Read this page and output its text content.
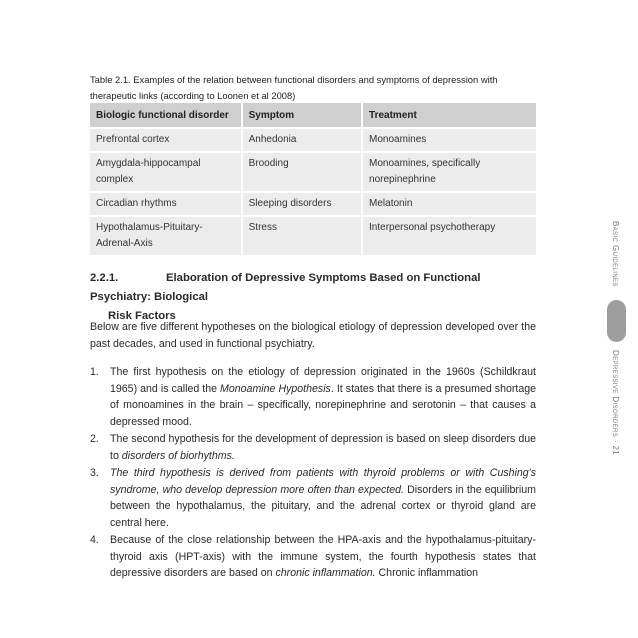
Table 2.1. Examples of the relation between functional disorders and symptoms of depression with therapeutic links (according to Loonen et al 2008)
Biologic functional disorder	Symptom	Treatment
Prefrontal cortex	Anhedonia	Monoamines
Amygdala-hippocampal complex	Brooding	Monoamines, specifically norepinephrine
Circadian rhythms	Sleeping disorders	Melatonin
Hypothalamus-Pituitary-Adrenal-Axis	Stress	Interpersonal psychotherapy
2.2.1.	Elaboration of Depressive Symptoms Based on Functional Psychiatry: Biological
Risk Factors

Below are five different hypotheses on the biological etiology of depression developed over the past decades, and used in functional psychiatry.

1. The first hypothesis on the etiology of depression originated in the 1960s (Schildkraut 1965) and is called the Monoamine Hypothesis. It states that there is a presumed shortage of monoamines in the brain – specifically, norepinephrine and serotonin – that causes a depressed mood.
2. The second hypothesis for the development of depression is based on sleep disorders due to disorders of biorhythms.
3. The third hypothesis is derived from patients with thyroid problems or with Cushing's syndrome, who develop depression more often than expected. Disorders in the equilibrium between the hypothalamus, the pituitary, and the adrenal cortex or thyroid gland are central here.
4. Because of the close relationship between the HPA-axis and the hypothalamus-pituitary-thyroid axis (HPT-axis) with the immune system, the fourth hypothesis states that depressive disorders are based on chronic inflammation. Chronic inflammation
Basic Guidelines
Depressive Disorders · 21
